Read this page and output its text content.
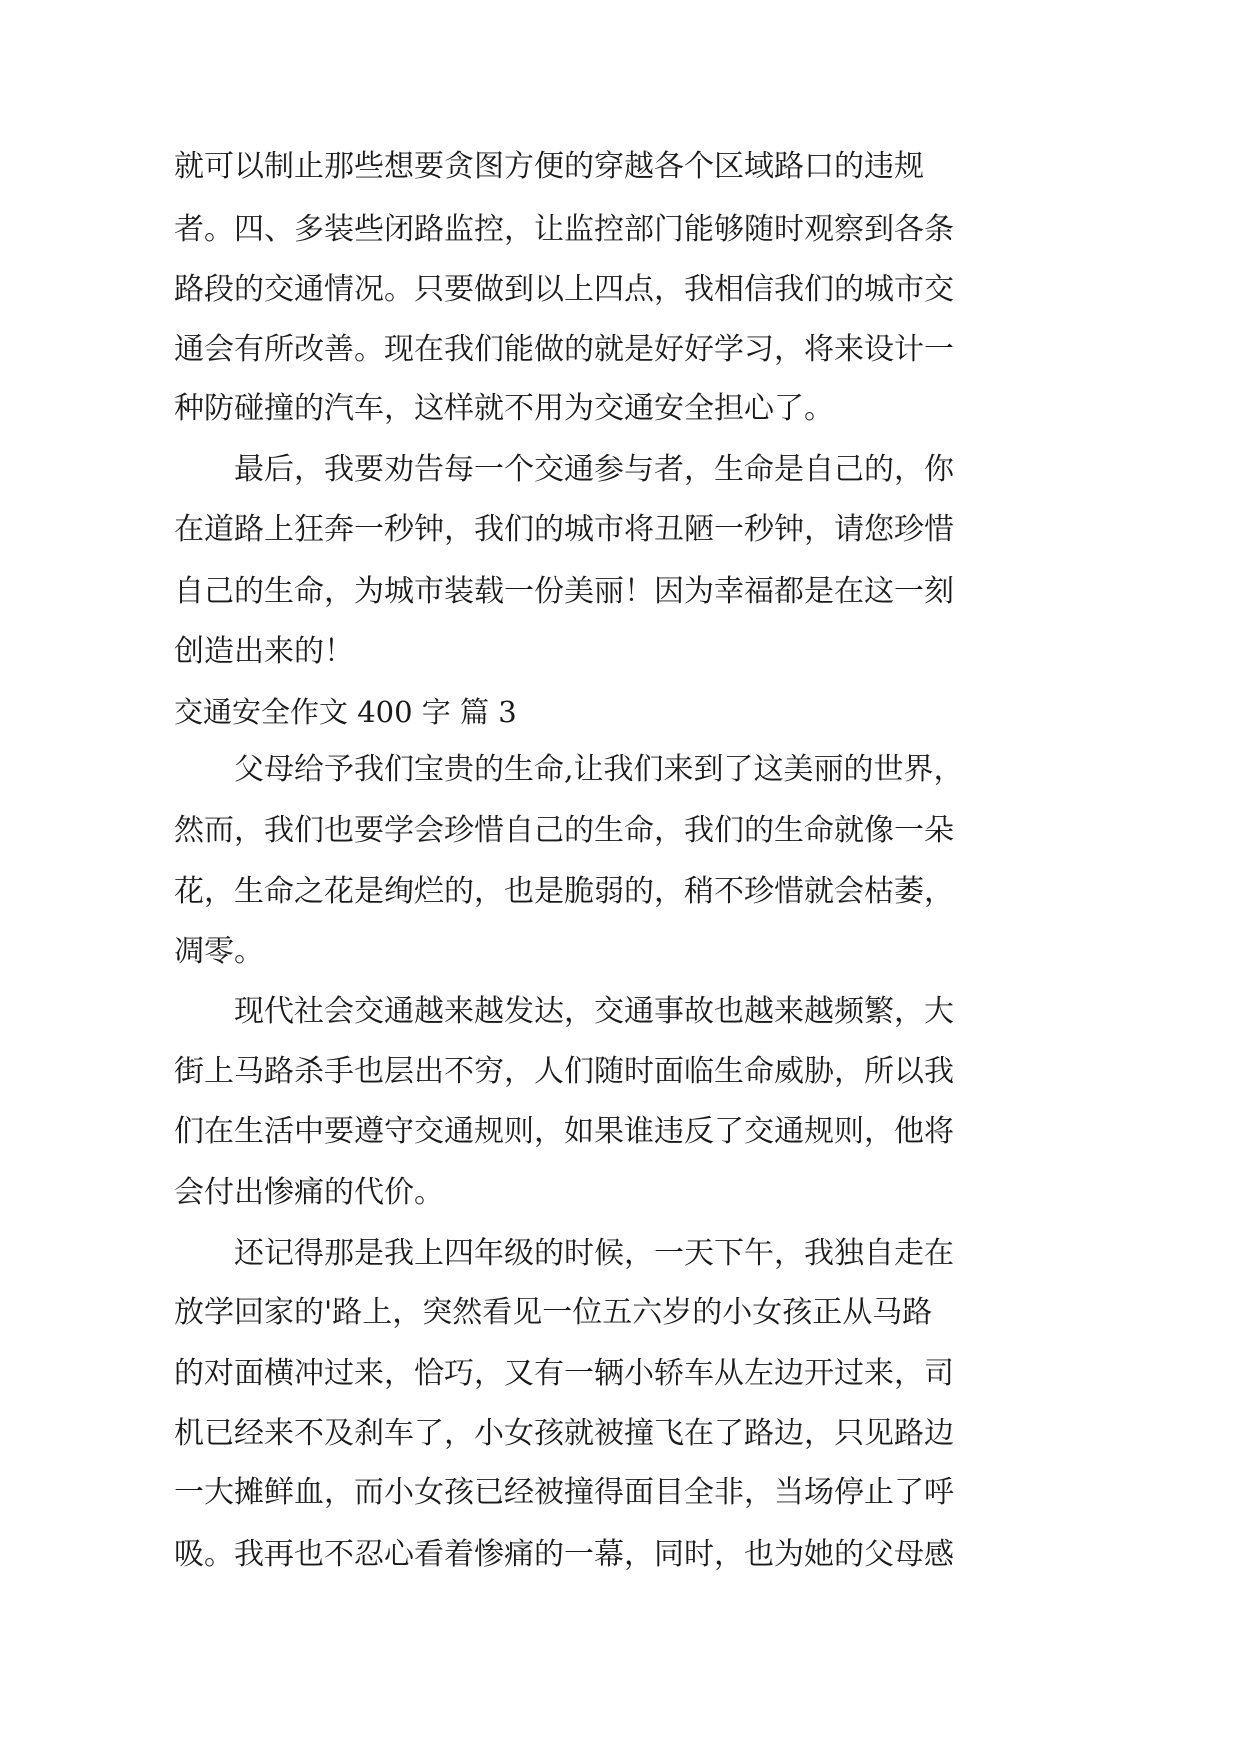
就可以制止那些想要贪图方便的穿越各个区域路口的违规
者。四、多装些闭路监控，让监控部门能够随时观察到各条
路段的交通情况。只要做到以上四点，我相信我们的城市交
通会有所改善。现在我们能做的就是好好学习，将来设计一
种防碰撞的汽车，这样就不用为交通安全担心了。
最后，我要劝告每一个交通参与者，生命是自己的，你
在道路上狂奔一秒钟，我们的城市将丑陋一秒钟，请您珍惜
自己的生命，为城市装载一份美丽！因为幸福都是在这一刻
创造出来的！
交通安全作文 400 字 篇 3
父母给予我们宝贵的生命,让我们来到了这美丽的世界，
然而，我们也要学会珍惜自己的生命，我们的生命就像一朵
花，生命之花是绚烂的，也是脆弱的，稍不珍惜就会枯萎，
凋零。
现代社会交通越来越发达，交通事故也越来越频繁，大
街上马路杀手也层出不穷，人们随时面临生命威胁，所以我
们在生活中要遵守交通规则，如果谁违反了交通规则，他将
会付出惨痛的代价。
还记得那是我上四年级的时候，一天下午，我独自走在
放学回家的'路上，突然看见一位五六岁的小女孩正从马路
的对面横冲过来，恰巧，又有一辆小轿车从左边开过来，司
机已经来不及刹车了，小女孩就被撞飞在了路边，只见路边
一大摊鲜血，而小女孩已经被撞得面目全非，当场停止了呼
吸。我再也不忍心看着惨痛的一幕，同时，也为她的父母感
